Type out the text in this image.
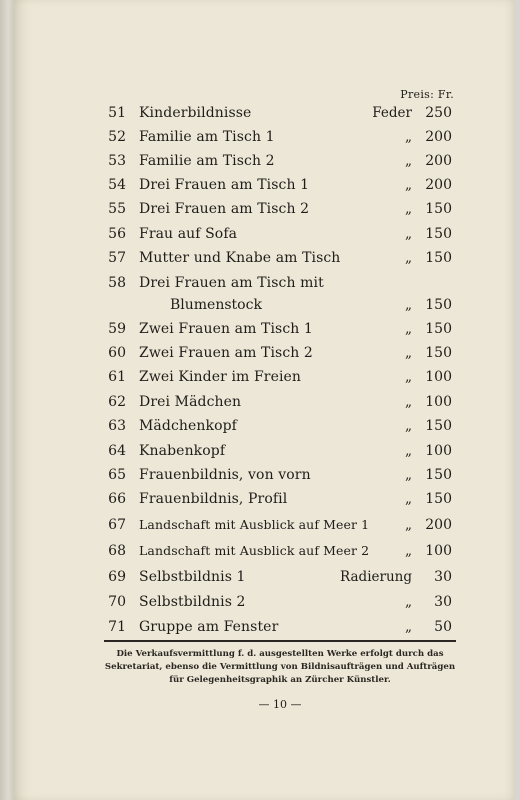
Preis: Fr.
51 Kinderbildnisse	Feder 250
52 Familie am Tisch 1	„ 200
53 Familie am Tisch 2	„ 200
54 Drei Frauen am Tisch 1	„ 200
55 Drei Frauen am Tisch 2	„ 150
56 Frau auf Sofa	„ 150
57 Mutter und Knabe am Tisch	„ 150
58 Drei Frauen am Tisch mit
Blumenstock	„ 150
59 Zwei Frauen am Tisch 1	„ 150
60 Zwei Frauen am Tisch 2	„ 150
61 Zwei Kinder im Freien	„ 100
62 Drei Mädchen	„ 100
63 Mädchenkopf	„ 150
64 Knabenkopf	„ 100
65 Frauenbildnis, von vorn	„ 150
66 Frauenbildnis, Profil	„ 150
67 Landschaft mit Ausblick auf Meer 1	„ 200
68 Landschaft mit Ausblick auf Meer 2	„ 100
69 Selbstbildnis 1	Radierung	30
70 Selbstbildnis 2	„	30
71 Gruppe am Fenster	„	50
Die Verkaufsvermittlung f. d. ausgestellten Werke erfolgt durch das Sekretariat, ebenso die Vermittlung von Bildnisaufträgen und Aufträgen für Gelegenheitsgraphik an Zürcher Künstler.
— 10 —
